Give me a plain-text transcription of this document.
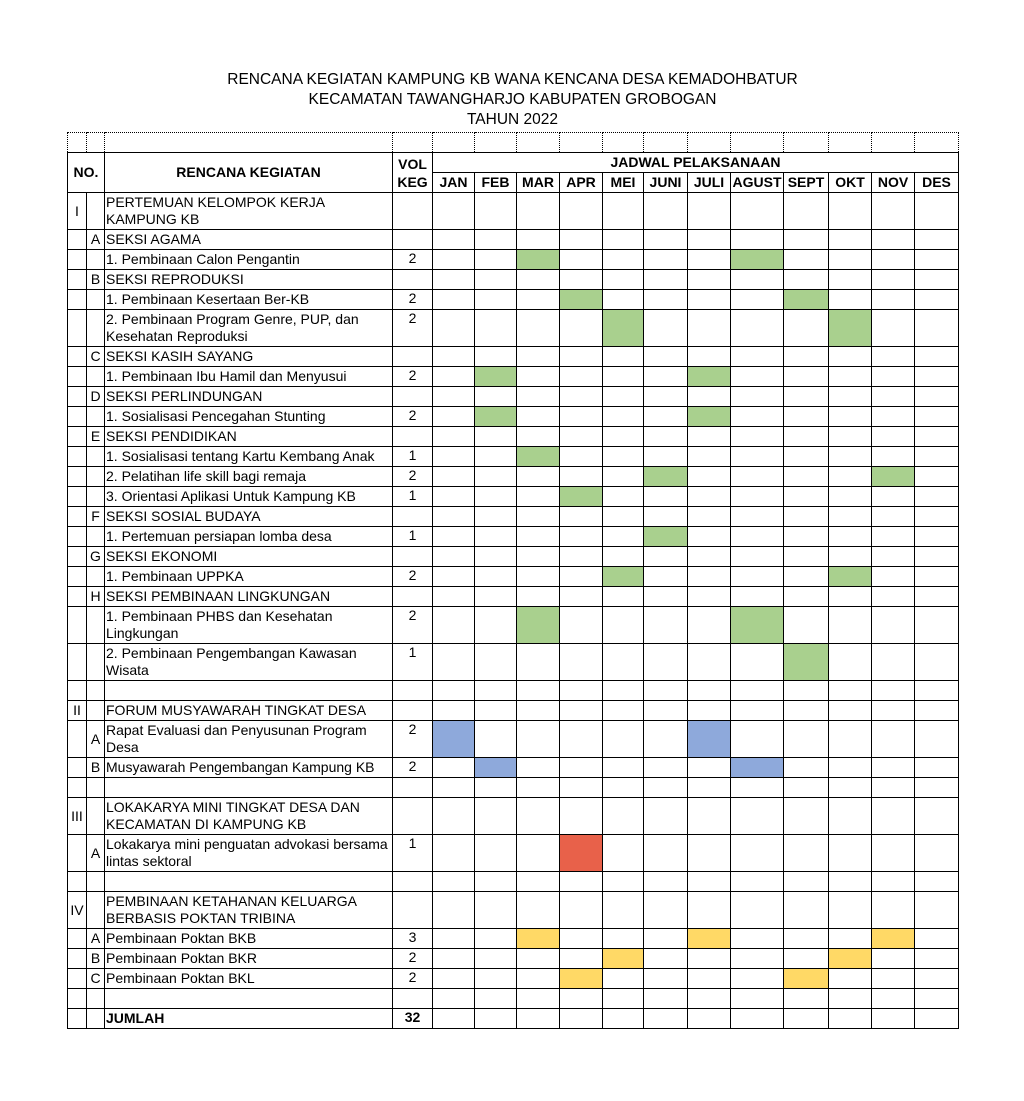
RENCANA KEGIATAN KAMPUNG KB WANA KENCANA DESA KEMADOHBATUR
KECAMATAN TAWANGHARJO KABUPATEN GROBOGAN
TAHUN 2022

NO.		RENCANA KEGIATAN	VOL
KEG	JADWAL PELAKSANAAN											
				JAN	FEB	MAR	APR	MEI	JUNI	JULI	AGUST	SEPT	OKT	NOV	DES
I		PERTEMUAN KELOMPOK KERJA KAMPUNG KB													
	A	SEKSI AGAMA													
		1. Pembinaan Calon Pengantin	2												
	B	SEKSI REPRODUKSI													
		1. Pembinaan Kesertaan Ber-KB	2												
		2. Pembinaan Program Genre, PUP, dan Kesehatan Reproduksi	2												
	C	SEKSI KASIH SAYANG													
		1. Pembinaan Ibu Hamil dan Menyusui	2												
	D	SEKSI PERLINDUNGAN													
		1. Sosialisasi Pencegahan Stunting	2												
	E	SEKSI PENDIDIKAN													
		1. Sosialisasi tentang Kartu Kembang Anak	1												
		2. Pelatihan life skill bagi remaja	2												
		3. Orientasi Aplikasi Untuk Kampung KB	1												
	F	SEKSI SOSIAL BUDAYA													
		1. Pertemuan persiapan lomba desa	1												
	G	SEKSI EKONOMI													
		1. Pembinaan UPPKA	2												
	H	SEKSI PEMBINAAN LINGKUNGAN													
		1. Pembinaan PHBS dan Kesehatan Lingkungan	2												
		2. Pembinaan Pengembangan Kawasan Wisata	1												

II		FORUM MUSYAWARAH TINGKAT DESA													
	A	Rapat Evaluasi dan Penyusunan Program Desa	2												
	B	Musyawarah Pengembangan Kampung KB	2												

III		LOKAKARYA MINI TINGKAT DESA DAN KECAMATAN DI KAMPUNG KB													
	A	Lokakarya mini penguatan advokasi bersama lintas sektoral	1												

IV		PEMBINAAN KETAHANAN KELUARGA BERBASIS POKTAN TRIBINA													
	A	Pembinaan Poktan BKB	3												
	B	Pembinaan Poktan BKR	2												
	C	Pembinaan Poktan BKL	2												

		JUMLAH	32												
